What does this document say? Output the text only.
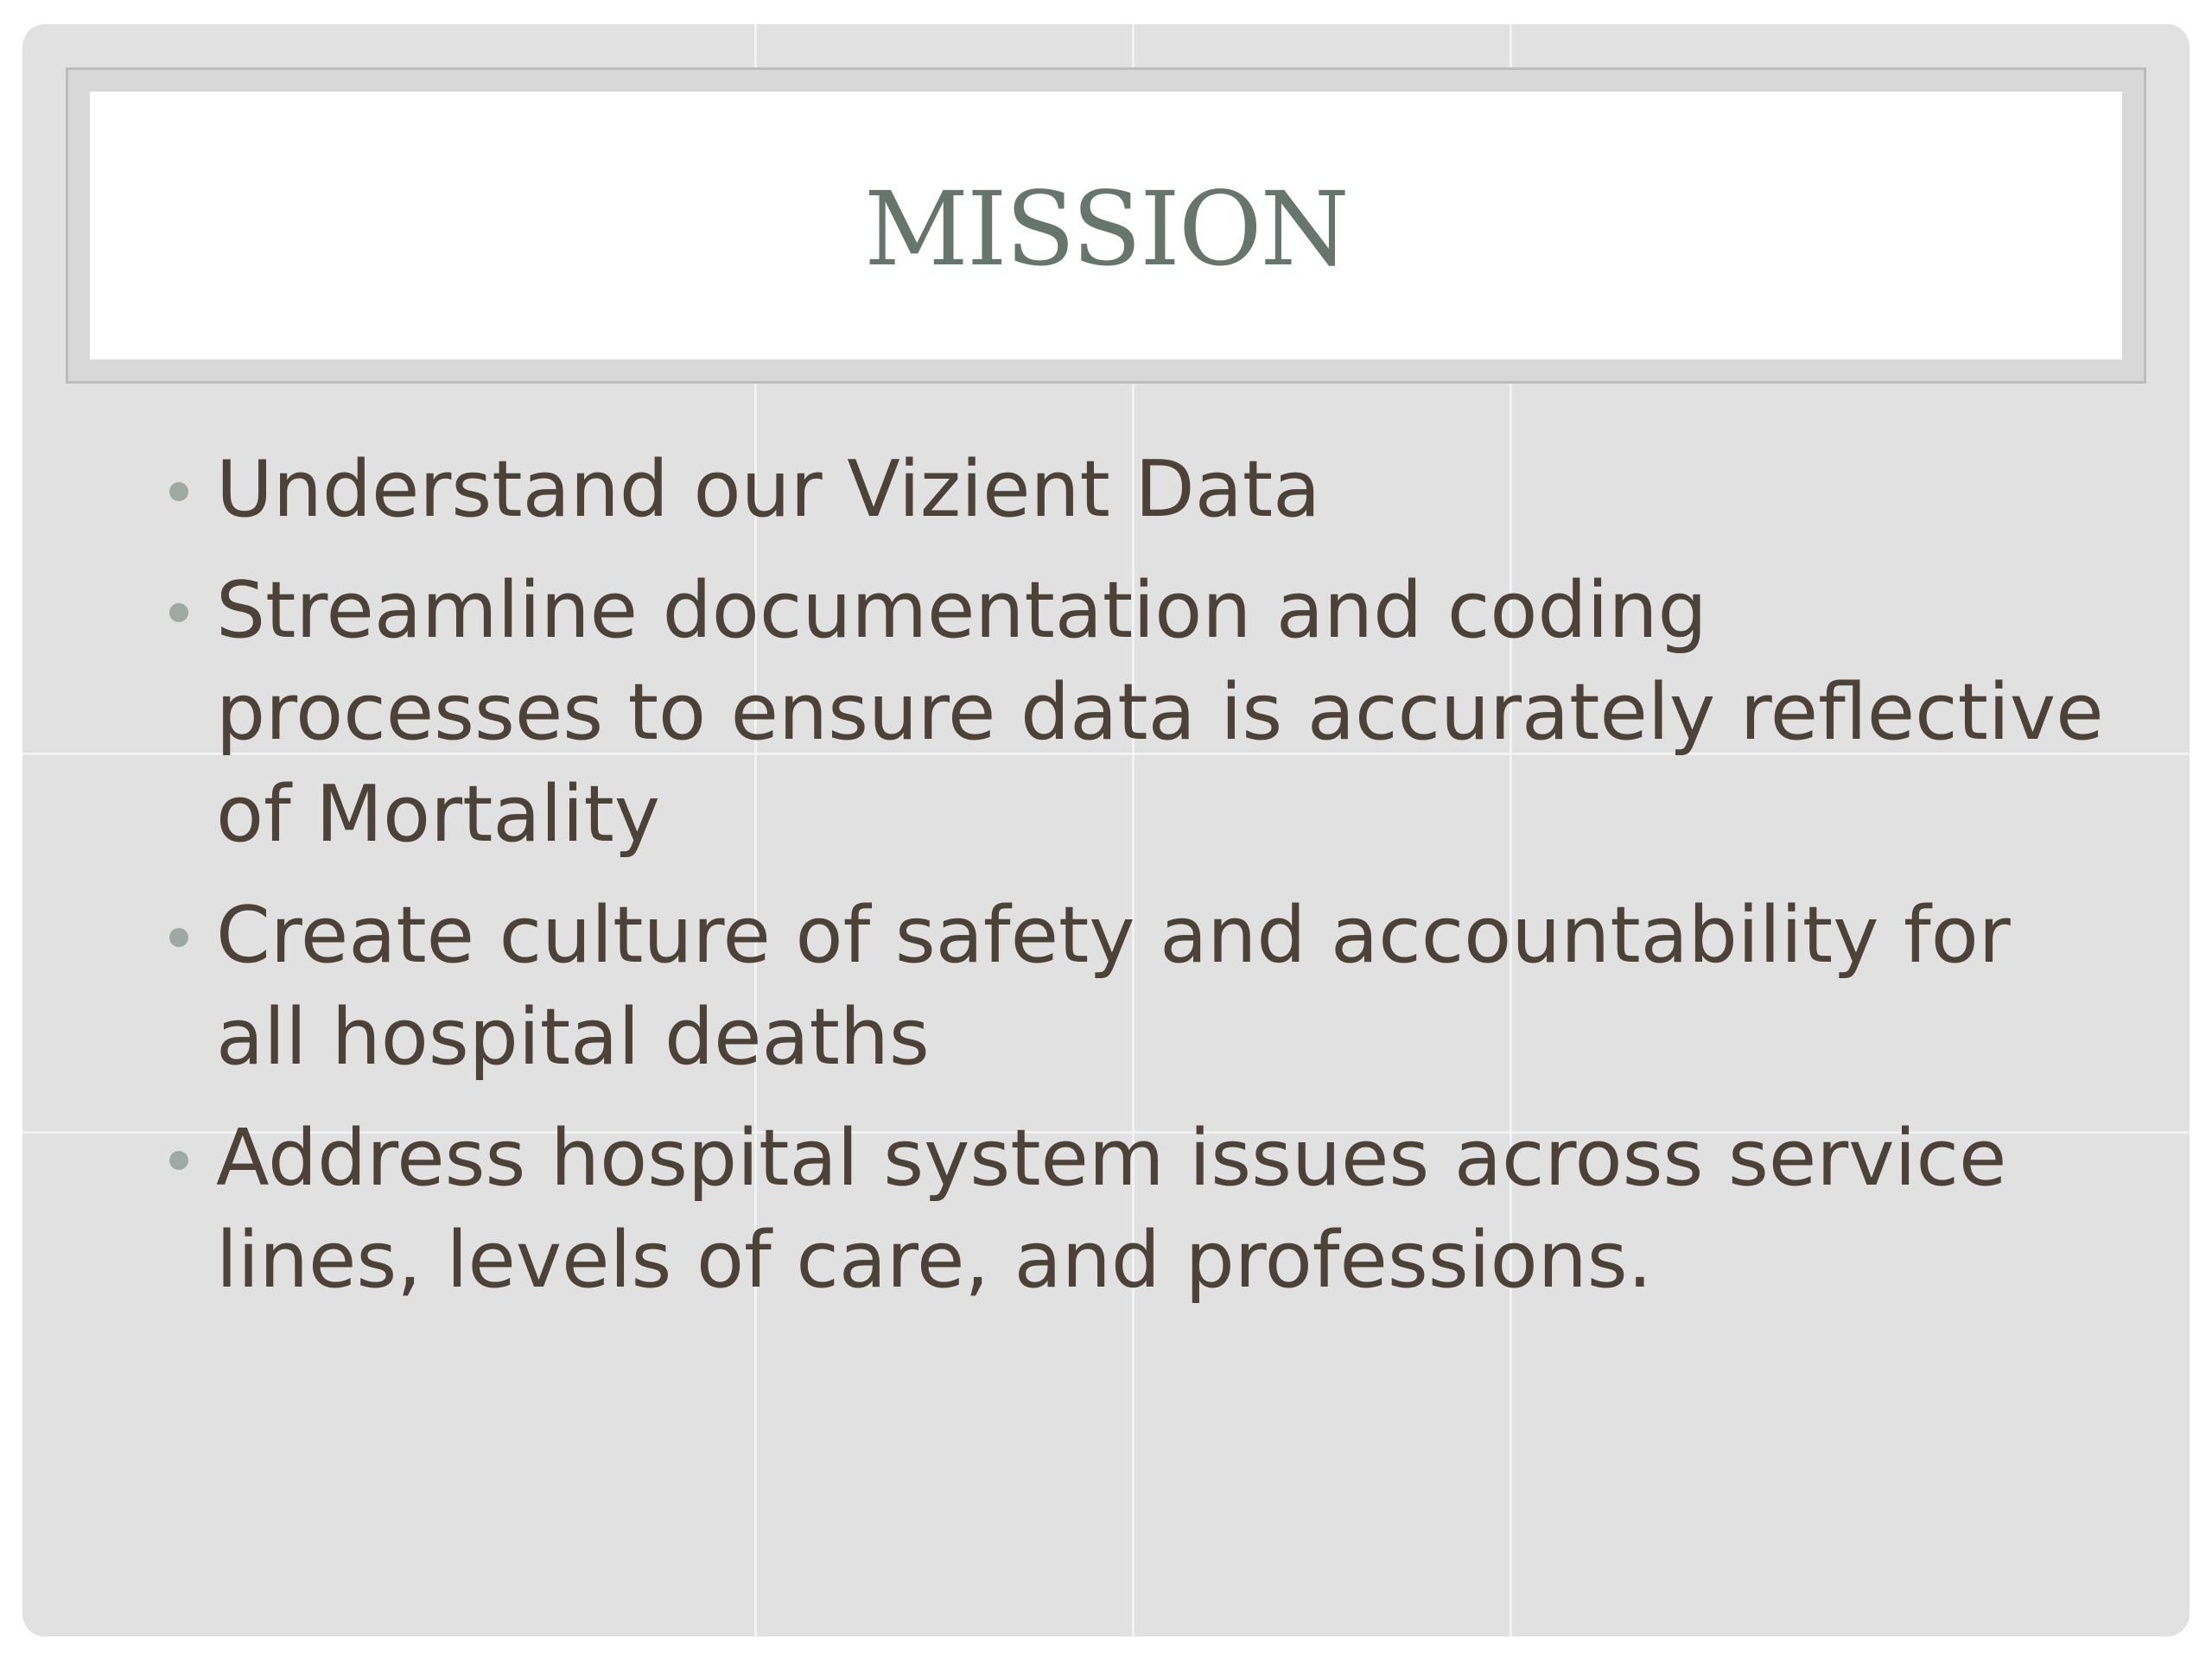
MISSION
Understand our Vizient Data
Streamline documentation and coding processes to ensure data is accurately reflective of Mortality
Create culture of safety and accountability for all hospital deaths
Address hospital system issues across service lines, levels of care, and professions.
